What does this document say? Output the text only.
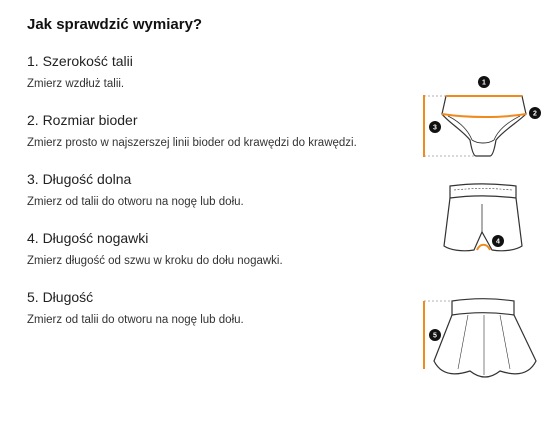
Jak sprawdzić wymiary?
1. Szerokość talii
Zmierz wzdłuż talii.
2. Rozmiar bioder
Zmierz prosto w najszerszej linii bioder od krawędzi do krawędzi.
3. Długość dolna
Zmierz od talii do otworu na nogę lub dołu.
4. Długość nogawki
Zmierz długość od szwu w kroku do dołu nogawki.
5. Długość
Zmierz od talii do otworu na nogę lub dołu.
1
2
3
4
5
